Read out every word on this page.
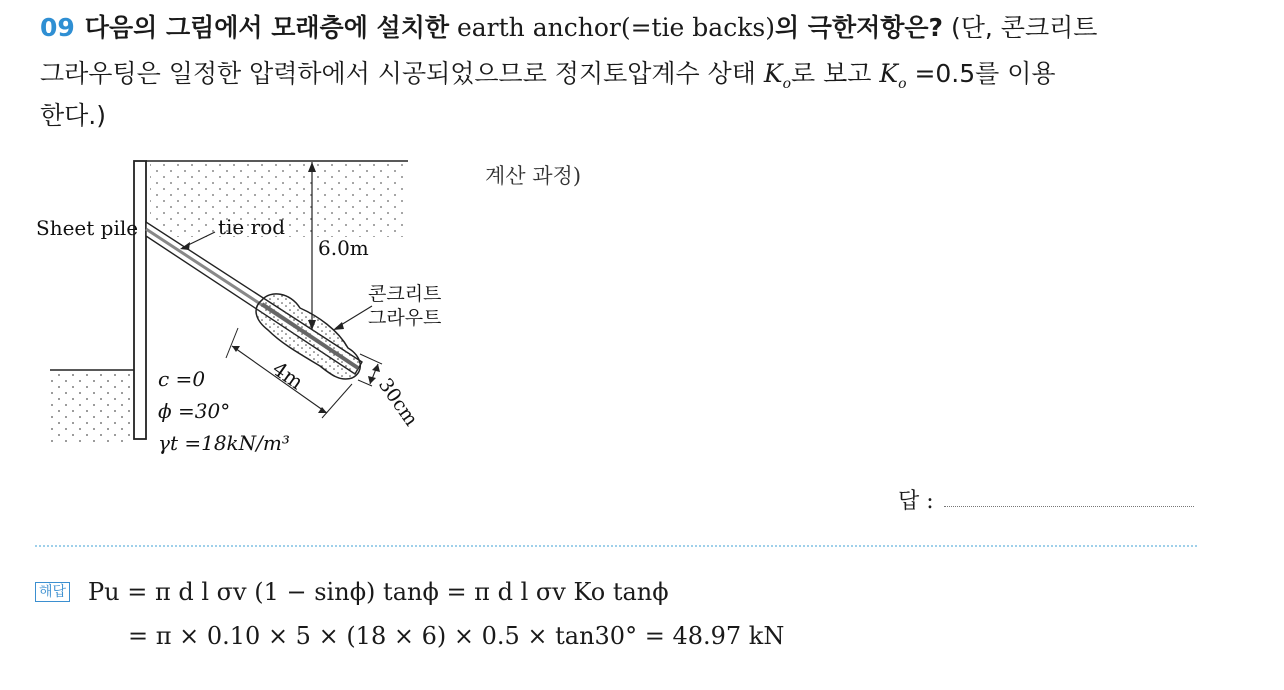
09 다음의 그림에서 모래층에 설치한 earth anchor(=tie backs)의 극한저항은? (단, 콘크리트
그라우팅은 일정한 압력하에서 시공되었으므로 정지토압계수 상태 $K_o$로 보고 $K_o =0.5$를 이용
한다.)
Sheet pile	tie rod
6.0m
콘크리트
그라우트
4m	30cm
c =0
ϕ =30°
γt =18kN/m³
계산 과정)
답 :
해답 Pu = π d l σv (1 − sinϕ) tanϕ = π d l σv Ko tanϕ
= π × 0.10 × 5 × (18 × 6) × 0.5 × tan30° = 48.97 kN
